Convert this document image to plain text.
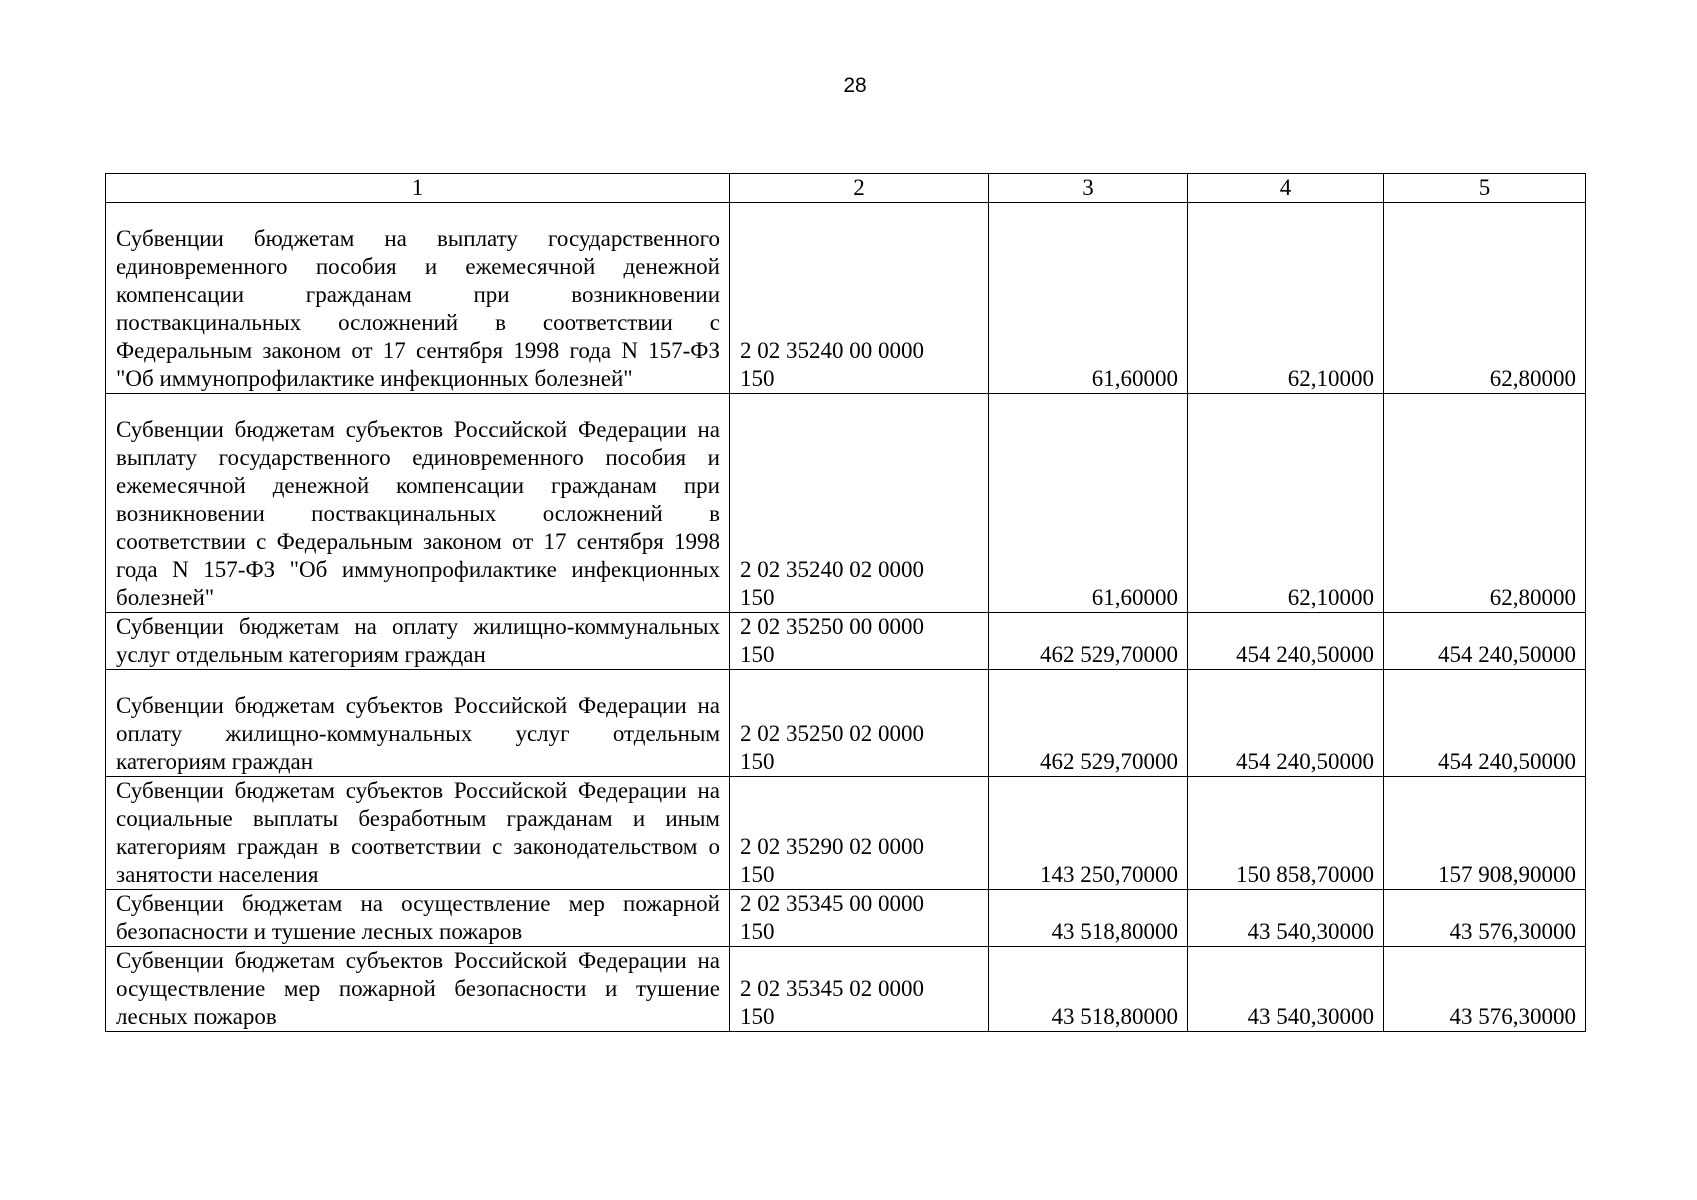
28
1	2	3	4	5
Субвенции бюджетам на выплату государственного единовременного пособия и ежемесячной денежной компенсации гражданам при возникновении поствакцинальных осложнений в соответствии с Федеральным законом от 17 сентября 1998 года N 157-ФЗ "Об иммунопрофилактике инфекционных болезней"	2 02 35240 00 0000 150	61,60000	62,10000	62,80000
Субвенции бюджетам субъектов Российской Федерации на выплату государственного единовременного пособия и ежемесячной денежной компенсации гражданам при возникновении поствакцинальных осложнений в соответствии с Федеральным законом от 17 сентября 1998 года N 157-ФЗ "Об иммунопрофилактике инфекционных болезней"	2 02 35240 02 0000 150	61,60000	62,10000	62,80000
Субвенции бюджетам на оплату жилищно-коммунальных услуг отдельным категориям граждан	2 02 35250 00 0000 150	462 529,70000	454 240,50000	454 240,50000
Субвенции бюджетам субъектов Российской Федерации на оплату жилищно-коммунальных услуг отдельным категориям граждан	2 02 35250 02 0000 150	462 529,70000	454 240,50000	454 240,50000
Субвенции бюджетам субъектов Российской Федерации на социальные выплаты безработным гражданам и иным категориям граждан в соответствии с законодательством о занятости населения	2 02 35290 02 0000 150	143 250,70000	150 858,70000	157 908,90000
Субвенции бюджетам на осуществление мер пожарной безопасности и тушение лесных пожаров	2 02 35345 00 0000 150	43 518,80000	43 540,30000	43 576,30000
Субвенции бюджетам субъектов Российской Федерации на осуществление мер пожарной безопасности и тушение лесных пожаров	2 02 35345 02 0000 150	43 518,80000	43 540,30000	43 576,30000
